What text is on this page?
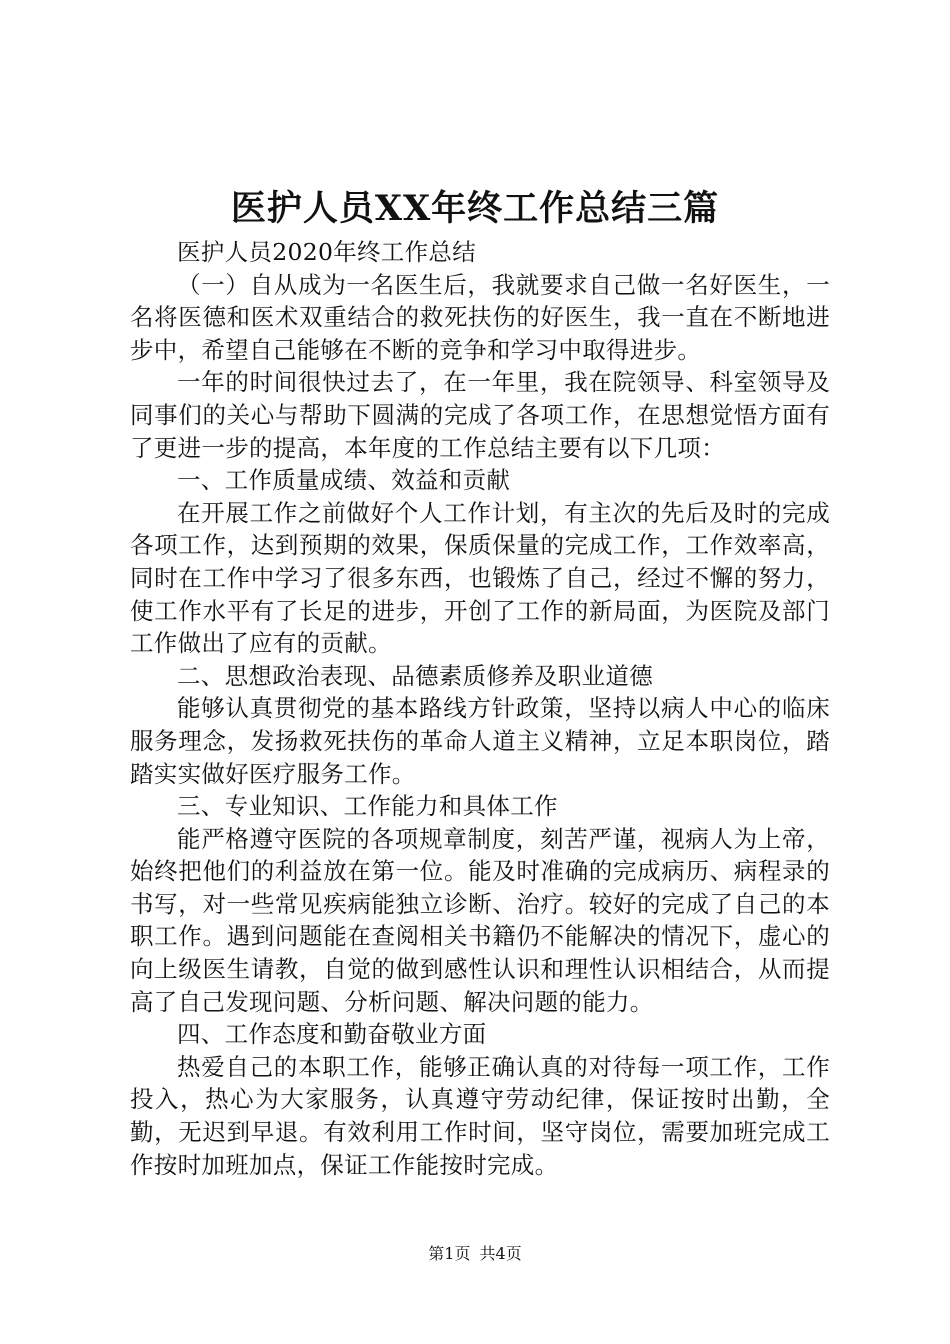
医护人员XX年终工作总结三篇

医护人员2020年终工作总结

（一）自从成为一名医生后，我就要求自己做一名好医生，一名将医德和医术双重结合的救死扶伤的好医生，我一直在不断地进步中，希望自己能够在不断的竞争和学习中取得进步。

一年的时间很快过去了，在一年里，我在院领导、科室领导及同事们的关心与帮助下圆满的完成了各项工作，在思想觉悟方面有了更进一步的提高，本年度的工作总结主要有以下几项：

一、工作质量成绩、效益和贡献

在开展工作之前做好个人工作计划，有主次的先后及时的完成各项工作，达到预期的效果，保质保量的完成工作，工作效率高，同时在工作中学习了很多东西，也锻炼了自己，经过不懈的努力，使工作水平有了长足的进步，开创了工作的新局面，为医院及部门工作做出了应有的贡献。

二、思想政治表现、品德素质修养及职业道德

能够认真贯彻党的基本路线方针政策，坚持以病人中心的临床服务理念，发扬救死扶伤的革命人道主义精神，立足本职岗位，踏踏实实做好医疗服务工作。

三、专业知识、工作能力和具体工作

能严格遵守医院的各项规章制度，刻苦严谨，视病人为上帝，始终把他们的利益放在第一位。能及时准确的完成病历、病程录的书写，对一些常见疾病能独立诊断、治疗。较好的完成了自己的本职工作。遇到问题能在查阅相关书籍仍不能解决的情况下，虚心的向上级医生请教，自觉的做到感性认识和理性认识相结合，从而提高了自己发现问题、分析问题、解决问题的能力。

四、工作态度和勤奋敬业方面

热爱自己的本职工作，能够正确认真的对待每一项工作，工作投入，热心为大家服务，认真遵守劳动纪律，保证按时出勤，全勤，无迟到早退。有效利用工作时间，坚守岗位，需要加班完成工作按时加班加点，保证工作能按时完成。

第1页 共4页
